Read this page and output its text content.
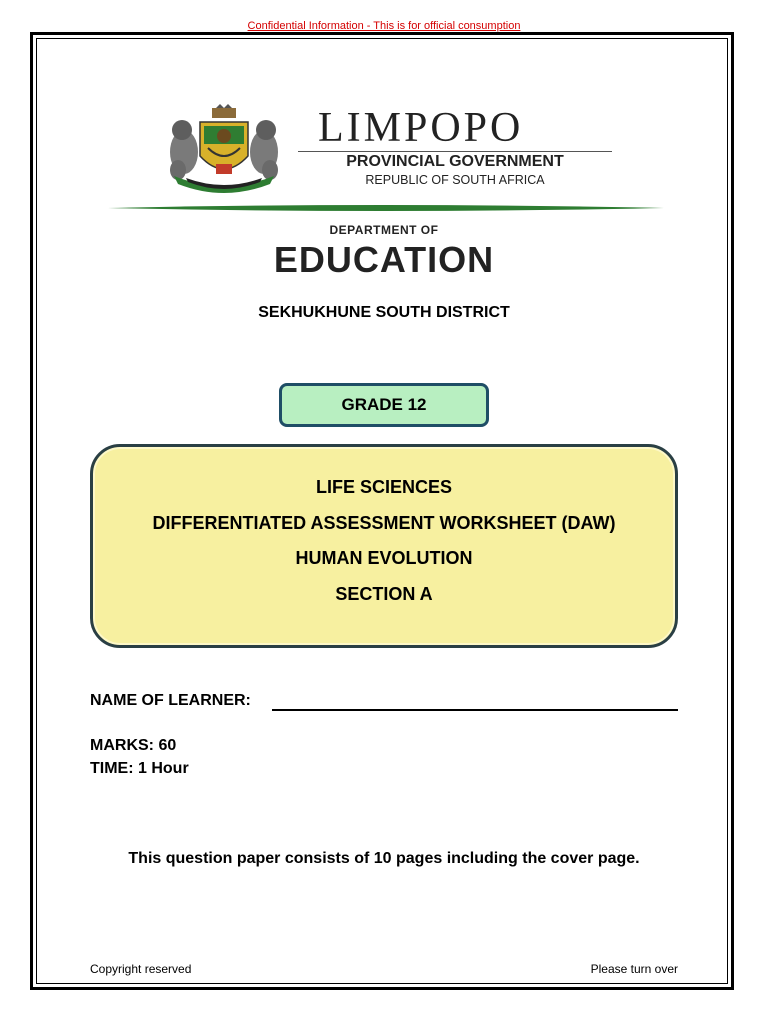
Confidential Information - This is for official consumption
LIMPOPO
PROVINCIAL GOVERNMENT
REPUBLIC OF SOUTH AFRICA
DEPARTMENT OF
EDUCATION
SEKHUKHUNE SOUTH DISTRICT
GRADE 12
LIFE SCIENCES
DIFFERENTIATED ASSESSMENT WORKSHEET (DAW)
HUMAN EVOLUTION
SECTION A
NAME OF LEARNER:
MARKS: 60
TIME: 1 Hour
This question paper consists of 10 pages including the cover page.
Copyright reserved	Please turn over
